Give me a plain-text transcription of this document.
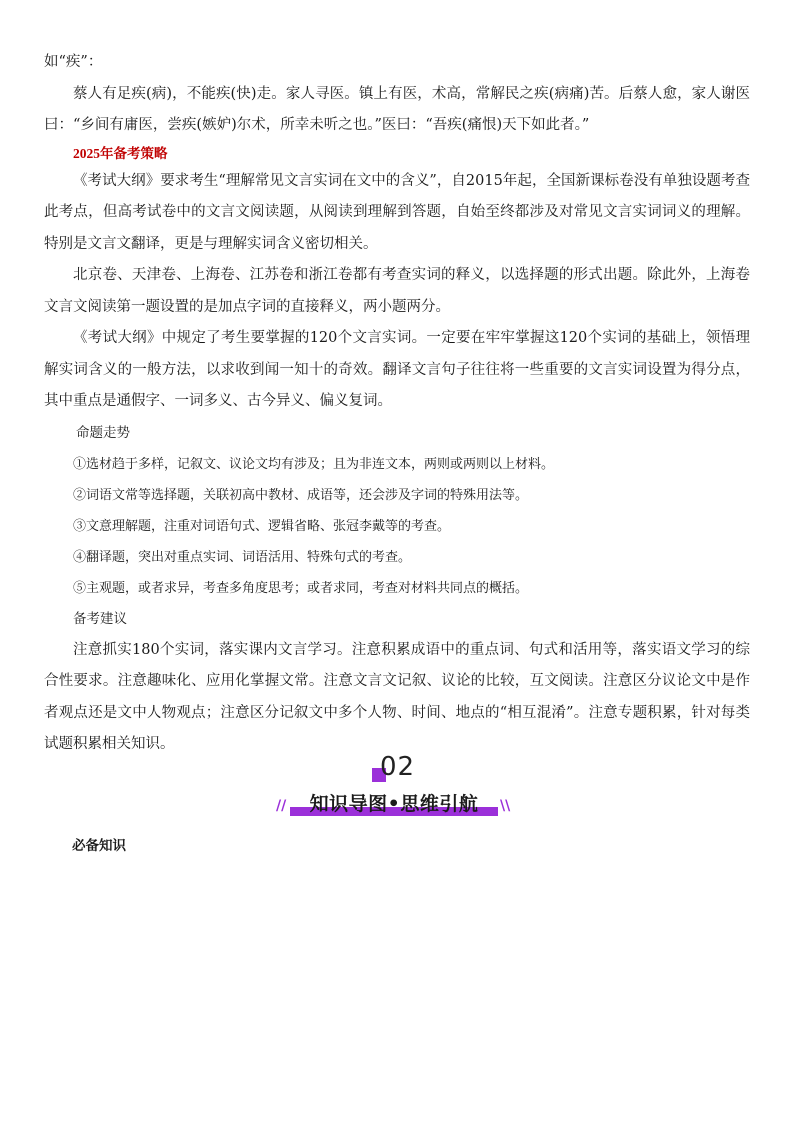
如“疾”：

蔡人有足疾(病)，不能疾(快)走。家人寻医。镇上有医，术高，常解民之疾(病痛)苦。后蔡人愈，家人谢医曰：“乡间有庸医，尝疾(嫉妒)尔术，所幸未听之也。”医曰：“吾疾(痛恨)天下如此者。”

2025年备考策略

《考试大纲》要求考生“理解常见文言实词在文中的含义”，自2015年起，全国新课标卷没有单独设题考查此考点，但高考试卷中的文言文阅读题，从阅读到理解到答题，自始至终都涉及对常见文言实词词义的理解。特别是文言文翻译，更是与理解实词含义密切相关。

北京卷、天津卷、上海卷、江苏卷和浙江卷都有考查实词的释义，以选择题的形式出题。除此外，上海卷文言文阅读第一题设置的是加点字词的直接释义，两小题两分。

《考试大纲》中规定了考生要掌握的120个文言实词。一定要在牢牢掌握这120个实词的基础上，领悟理解实词含义的一般方法，以求收到闻一知十的奇效。翻译文言句子往往将一些重要的文言实词设置为得分点，其中重点是通假字、一词多义、古今异义、偏义复词。

命题走势

①选材趋于多样，记叙文、议论文均有涉及；且为非连文本，两则或两则以上材料。

②词语文常等选择题，关联初高中教材、成语等，还会涉及字词的特殊用法等。

③文意理解题，注重对词语句式、逻辑省略、张冠李戴等的考查。

④翻译题，突出对重点实词、词语活用、特殊句式的考查。

⑤主观题，或者求异，考查多角度思考；或者求同，考查对材料共同点的概括。

备考建议

注意抓实180个实词，落实课内文言学习。注意积累成语中的重点词、句式和活用等，落实语文学习的综合性要求。注意趣味化、应用化掌握文常。注意文言文记叙、议论的比较，互文阅读。注意区分议论文中是作者观点还是文中人物观点；注意区分记叙文中多个人物、时间、地点的“相互混淆”。注意专题积累，针对每类试题积累相关知识。

02
//	知识导图•思维引航	\\
必备知识
